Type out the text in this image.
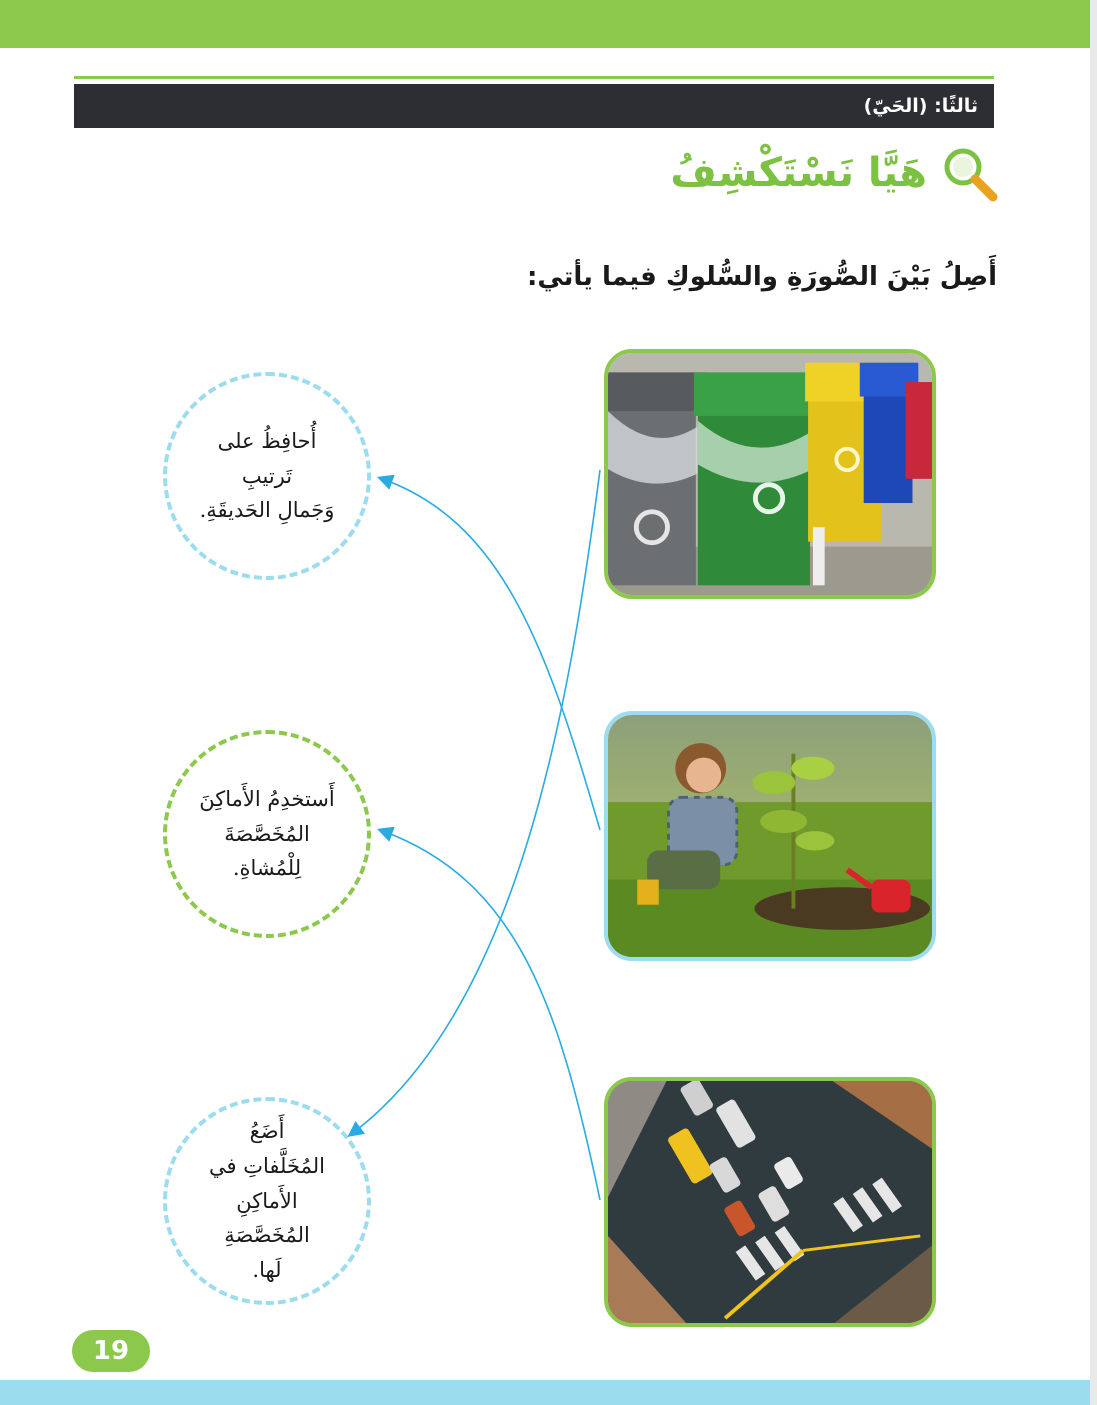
ثالثًا: (الحَيّ)
هَيَّا نَسْتَكْشِفُ
أَصِلُ بَيْنَ الصُّورَةِ والسُّلوكِ فيما يأتي:
أُحافِظُ على تَرتيبِ
وَجَمالِ الحَديقَةِ.
أَستخدِمُ الأَماكِنَ
المُخَصَّصَةَ لِلْمُشاةِ.
أَضَعُ
المُخَلَّفاتِ في
الأَماكِنِ المُخَصَّصَةِ
لَها.
19
